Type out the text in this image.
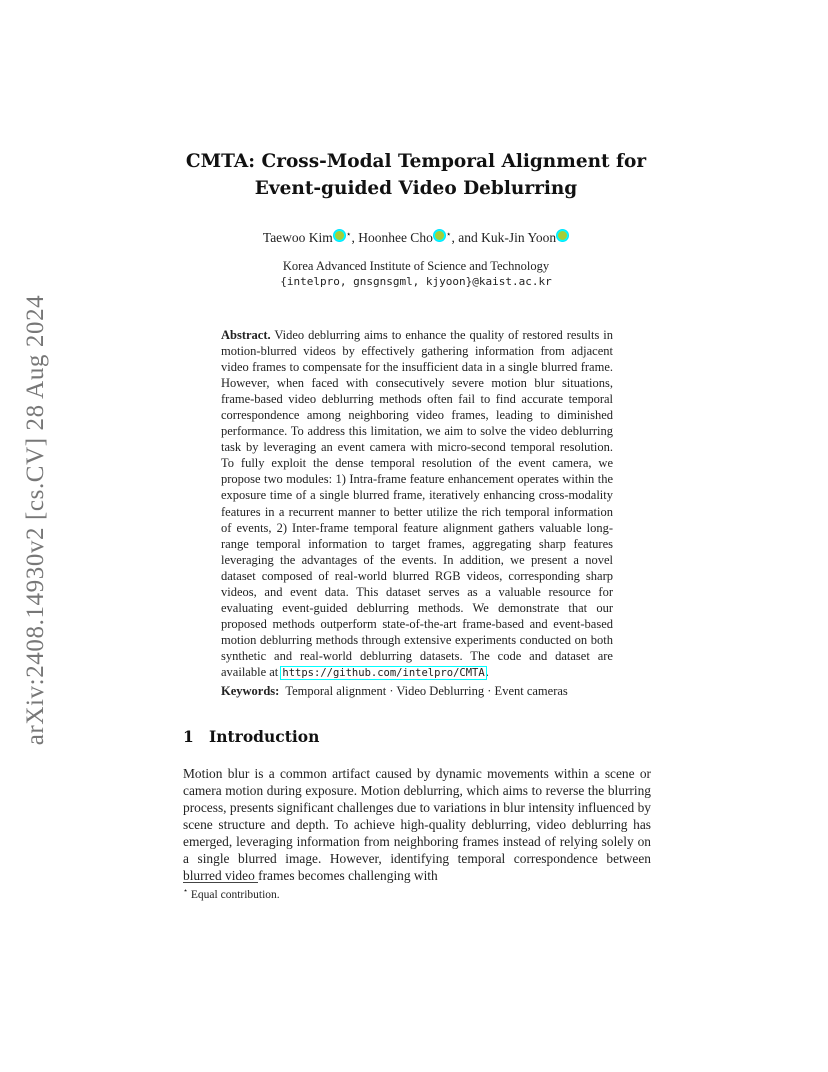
arXiv:2408.14930v2 [cs.CV] 28 Aug 2024
CMTA: Cross-Modal Temporal Alignment for
Event-guided Video Deblurring
Taewoo Kim ⋆, Hoonhee Cho ⋆, and Kuk-Jin Yoon
Korea Advanced Institute of Science and Technology
{intelpro, gnsgnsgml, kjyoon}@kaist.ac.kr
Abstract. Video deblurring aims to enhance the quality of restored results in motion-blurred videos by effectively gathering information from adjacent video frames to compensate for the insufficient data in a single blurred frame. However, when faced with consecutively severe motion blur situations, frame-based video deblurring methods often fail to find accurate temporal correspondence among neighboring video frames, leading to diminished performance. To address this limitation, we aim to solve the video deblurring task by leveraging an event camera with micro-second temporal resolution. To fully exploit the dense temporal resolution of the event camera, we propose two modules: 1) Intra-frame feature enhancement operates within the exposure time of a single blurred frame, iteratively enhancing cross-modality features in a recurrent manner to better utilize the rich temporal information of events, 2) Inter-frame temporal feature alignment gathers valuable long-range temporal information to target frames, aggregating sharp features leveraging the advantages of the events. In addition, we present a novel dataset composed of real-world blurred RGB videos, corresponding sharp videos, and event data. This dataset serves as a valuable resource for evaluating event-guided deblurring methods. We demonstrate that our proposed methods outperform state-of-the-art frame-based and event-based motion deblurring methods through extensive experiments conducted on both synthetic and real-world deblurring datasets. The code and dataset are available at https://github.com/intelpro/CMTA.
Keywords: Temporal alignment · Video Deblurring · Event cameras
1 Introduction
Motion blur is a common artifact caused by dynamic movements within a scene or camera motion during exposure. Motion deblurring, which aims to reverse the blurring process, presents significant challenges due to variations in blur intensity influenced by scene structure and depth. To achieve high-quality deblurring, video deblurring has emerged, leveraging information from neighboring frames instead of relying solely on a single blurred image. However, identifying temporal correspondence between blurred video frames becomes challenging with
⋆ Equal contribution.
